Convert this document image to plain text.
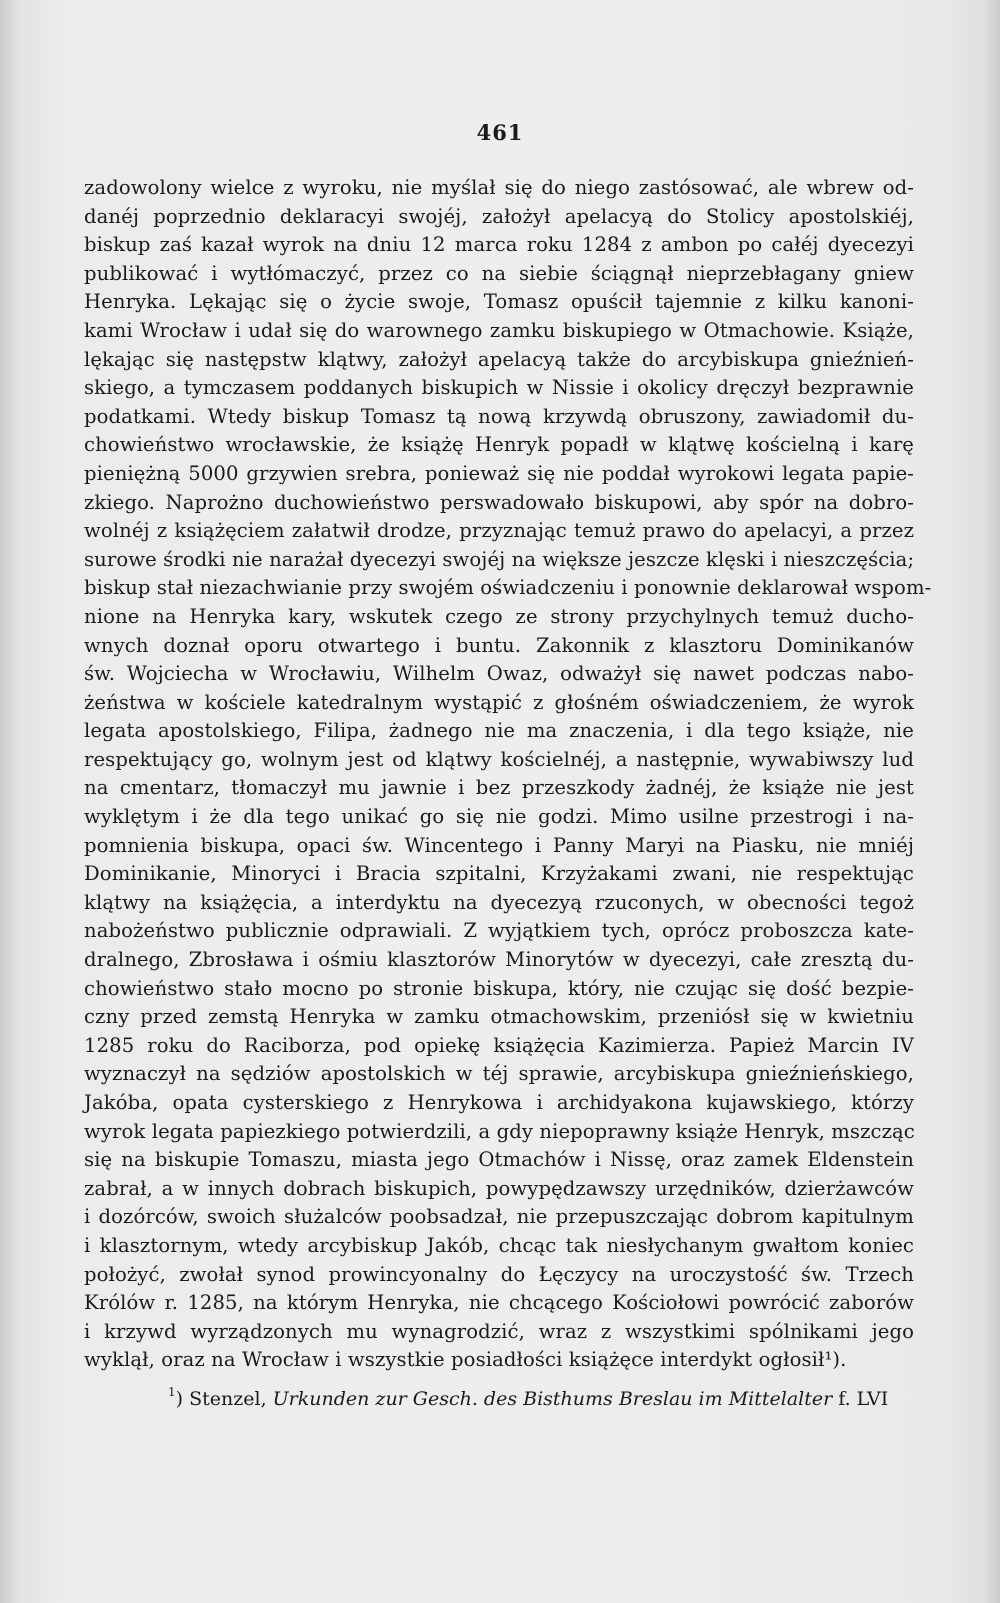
461
zadowolony wielce z wyroku, nie myślał się do niego zastósować, ale wbrew od-
danéj poprzednio deklaracyi swojéj, założył apelacyą do Stolicy apostolskiéj,
biskup zaś kazał wyrok na dniu 12 marca roku 1284 z ambon po całéj dyecezyi
publikować i wytłómaczyć, przez co na siebie ściągnął nieprzebłagany gniew
Henryka. Lękając się o życie swoje, Tomasz opuścił tajemnie z kilku kanoni-
kami Wrocław i udał się do warownego zamku biskupiego w Otmachowie. Książe,
lękając się następstw klątwy, założył apelacyą także do arcybiskupa gnieźnień-
skiego, a tymczasem poddanych biskupich w Nissie i okolicy dręczył bezprawnie
podatkami. Wtedy biskup Tomasz tą nową krzywdą obruszony, zawiadomił du-
chowieństwo wrocławskie, że książę Henryk popadł w klątwę kościelną i karę
pieniężną 5000 grzywien srebra, ponieważ się nie poddał wyrokowi legata papie-
zkiego. Naprożno duchowieństwo perswadowało biskupowi, aby spór na dobro-
wolnéj z książęciem załatwił drodze, przyznając temuż prawo do apelacyi, a przez
surowe środki nie narażał dyecezyi swojéj na większe jeszcze klęski i nieszczęścia;
biskup stał niezachwianie przy swojém oświadczeniu i ponownie deklarował wspom-
nione na Henryka kary, wskutek czego ze strony przychylnych temuż ducho-
wnych doznał oporu otwartego i buntu. Zakonnik z klasztoru Dominikanów
św. Wojciecha w Wrocławiu, Wilhelm Owaz, odważył się nawet podczas nabo-
żeństwa w kościele katedralnym wystąpić z głośném oświadczeniem, że wyrok
legata apostolskiego, Filipa, żadnego nie ma znaczenia, i dla tego książe, nie
respektujący go, wolnym jest od klątwy kościelnéj, a następnie, wywabiwszy lud
na cmentarz, tłomaczył mu jawnie i bez przeszkody żadnéj, że książe nie jest
wyklętym i że dla tego unikać go się nie godzi. Mimo usilne przestrogi i na-
pomnienia biskupa, opaci św. Wincentego i Panny Maryi na Piasku, nie mniéj
Dominikanie, Minoryci i Bracia szpitalni, Krzyżakami zwani, nie respektując
klątwy na książęcia, a interdyktu na dyecezyą rzuconych, w obecności tegoż
nabożeństwo publicznie odprawiali. Z wyjątkiem tych, oprócz proboszcza kate-
dralnego, Zbrosława i ośmiu klasztorów Minorytów w dyecezyi, całe zresztą du-
chowieństwo stało mocno po stronie biskupa, który, nie czując się dość bezpie-
czny przed zemstą Henryka w zamku otmachowskim, przeniósł się w kwietniu
1285 roku do Raciborza, pod opiekę książęcia Kazimierza. Papież Marcin IV
wyznaczył na sędziów apostolskich w téj sprawie, arcybiskupa gnieźnieńskiego,
Jakóba, opata cysterskiego z Henrykowa i archidyakona kujawskiego, którzy
wyrok legata papiezkiego potwierdzili, a gdy niepoprawny książe Henryk, mszcząc
się na biskupie Tomaszu, miasta jego Otmachów i Nissę, oraz zamek Eldenstein
zabrał, a w innych dobrach biskupich, powypędzawszy urzędników, dzierżawców
i dozórców, swoich służalców poobsadzał, nie przepuszczając dobrom kapitulnym
i klasztornym, wtedy arcybiskup Jakób, chcąc tak niesłychanym gwałtom koniec
położyć, zwołał synod prowincyonalny do Łęczycy na uroczystość św. Trzech
Królów r. 1285, na którym Henryka, nie chcącego Kościołowi powrócić zaborów
i krzywd wyrządzonych mu wynagrodzić, wraz z wszystkimi spólnikami jego
wyklął, oraz na Wrocław i wszystkie posiadłości książęce interdykt ogłosił¹).
$^1$) Stenzel, Urkunden zur Gesch. des Bisthums Breslau im Mittelalter f. LVI
